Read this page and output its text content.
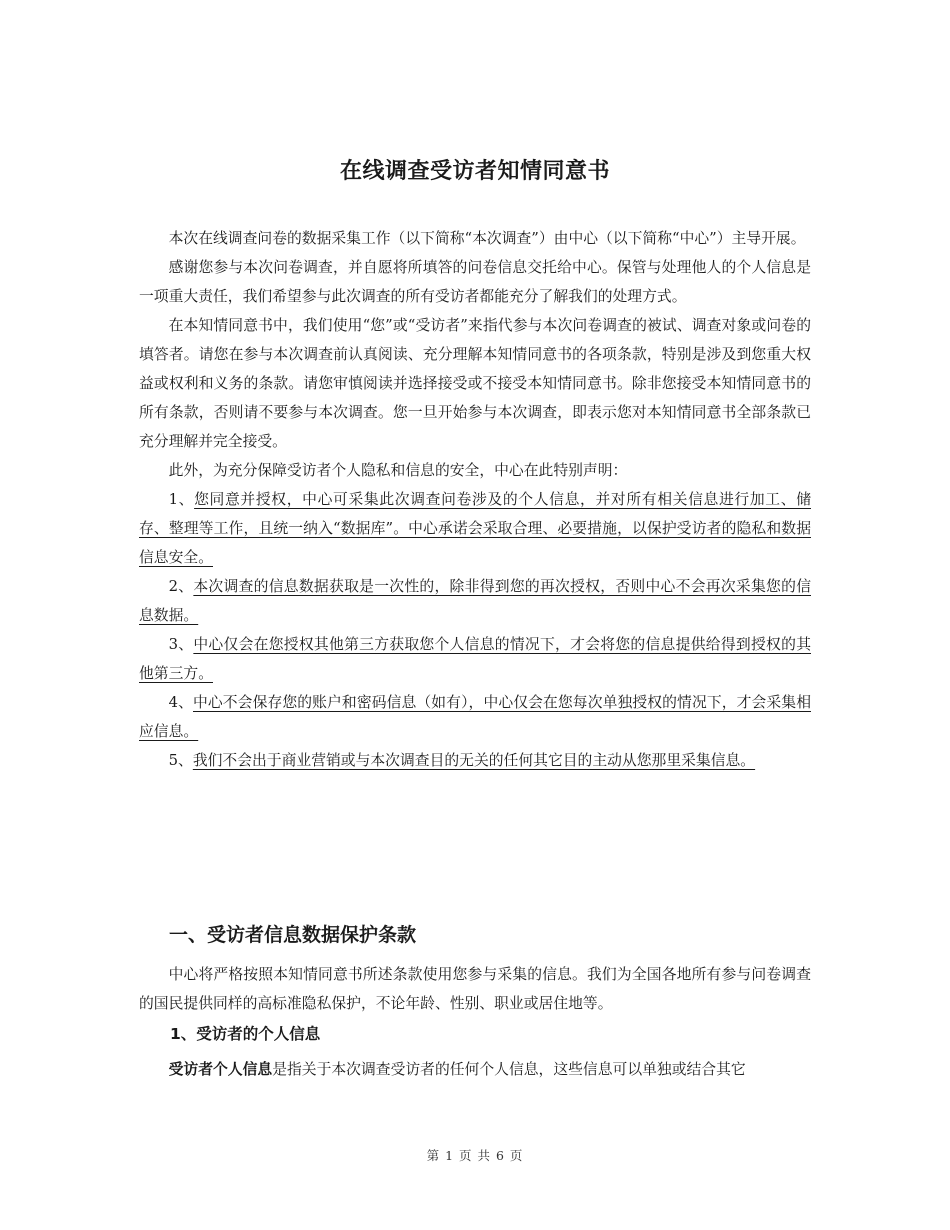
在线调查受访者知情同意书

本次在线调查问卷的数据采集工作（以下简称“本次调查”）由中心（以下简称“中心”）主导开展。

感谢您参与本次问卷调查，并自愿将所填答的问卷信息交托给中心。保管与处理他人的个人信息是一项重大责任，我们希望参与此次调查的所有受访者都能充分了解我们的处理方式。

在本知情同意书中，我们使用“您”或“受访者”来指代参与本次问卷调查的被试、调查对象或问卷的填答者。请您在参与本次调查前认真阅读、充分理解本知情同意书的各项条款，特别是涉及到您重大权益或权利和义务的条款。请您审慎阅读并选择接受或不接受本知情同意书。除非您接受本知情同意书的所有条款，否则请不要参与本次调查。您一旦开始参与本次调查，即表示您对本知情同意书全部条款已充分理解并完全接受。

此外，为充分保障受访者个人隐私和信息的安全，中心在此特别声明：

1、您同意并授权，中心可采集此次调查问卷涉及的个人信息，并对所有相关信息进行加工、储存、整理等工作，且统一纳入“数据库”。中心承诺会采取合理、必要措施，以保护受访者的隐私和数据信息安全。

2、本次调查的信息数据获取是一次性的，除非得到您的再次授权，否则中心不会再次采集您的信息数据。

3、中心仅会在您授权其他第三方获取您个人信息的情况下，才会将您的信息提供给得到授权的其他第三方。

4、中心不会保存您的账户和密码信息（如有），中心仅会在您每次单独授权的情况下，才会采集相应信息。

5、我们不会出于商业营销或与本次调查目的无关的任何其它目的主动从您那里采集信息。

一、受访者信息数据保护条款

中心将严格按照本知情同意书所述条款使用您参与采集的信息。我们为全国各地所有参与问卷调查的国民提供同样的高标准隐私保护，不论年龄、性别、职业或居住地等。

1、受访者的个人信息

受访者个人信息是指关于本次调查受访者的任何个人信息，这些信息可以单独或结合其它

第 1 页 共 6 页
